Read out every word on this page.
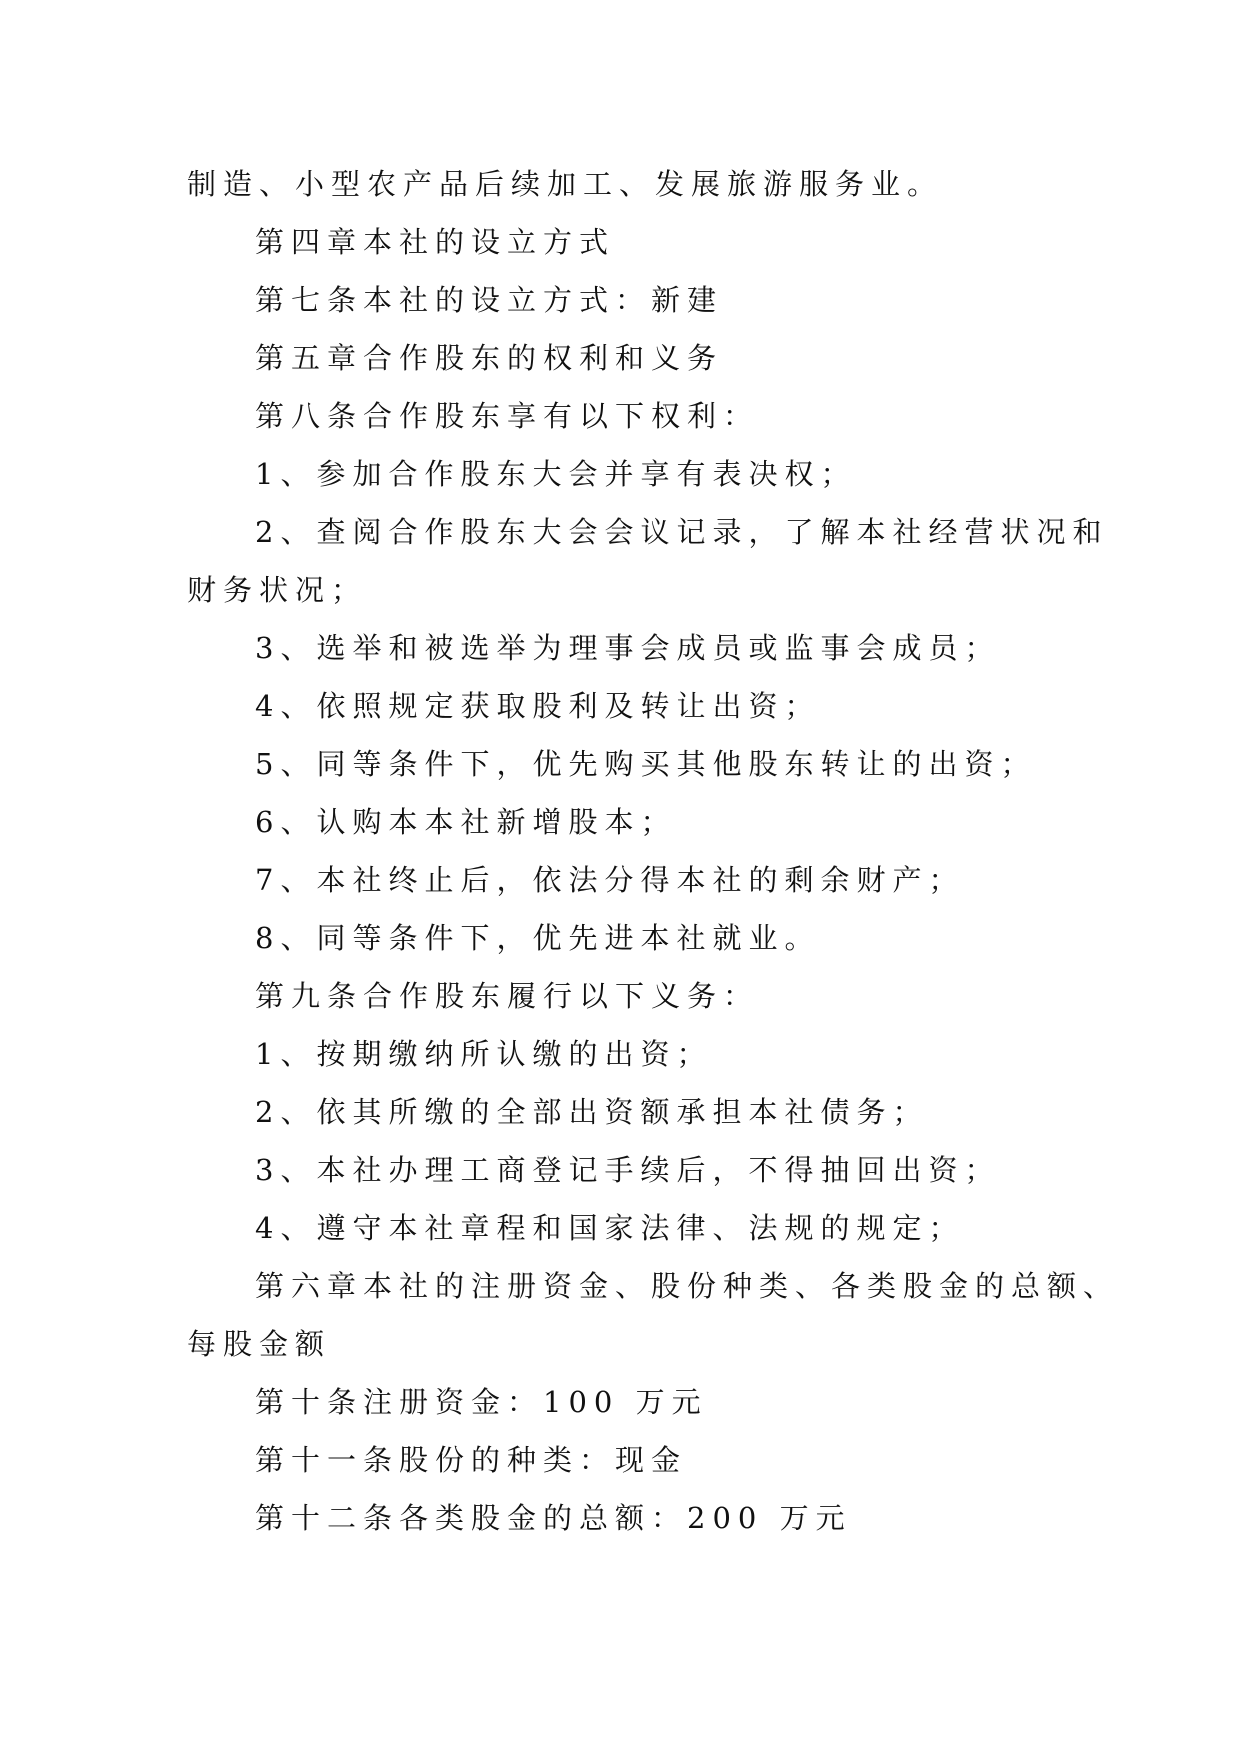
制造、小型农产品后续加工、发展旅游服务业。

第四章本社的设立方式

第七条本社的设立方式：新建

第五章合作股东的权利和义务

第八条合作股东享有以下权利：

1、参加合作股东大会并享有表决权；

2、查阅合作股东大会会议记录，了解本社经营状况和

财务状况；

3、选举和被选举为理事会成员或监事会成员；

4、依照规定获取股利及转让出资；

5、同等条件下，优先购买其他股东转让的出资；

6、认购本本社新增股本；

7、本社终止后，依法分得本社的剩余财产；

8、同等条件下，优先进本社就业。

第九条合作股东履行以下义务：

1、按期缴纳所认缴的出资；

2、依其所缴的全部出资额承担本社债务；

3、本社办理工商登记手续后，不得抽回出资；

4、遵守本社章程和国家法律、法规的规定；

第六章本社的注册资金、股份种类、各类股金的总额、

每股金额

第十条注册资金：100 万元

第十一条股份的种类：现金

第十二条各类股金的总额：200 万元
